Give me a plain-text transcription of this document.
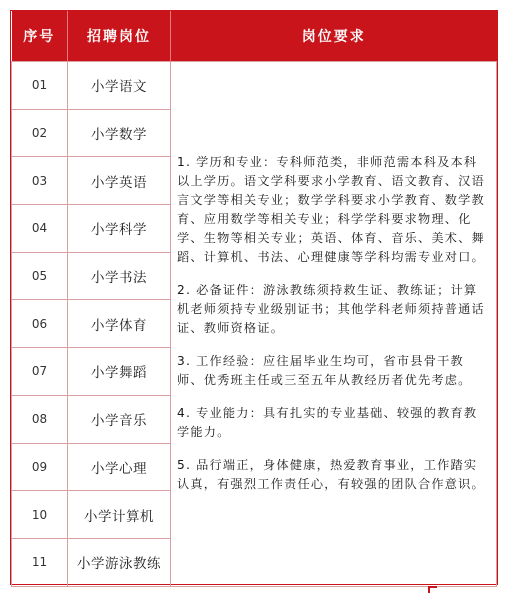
序号	招聘岗位	岗位要求
01	小学语文	1. 学历和专业：专科师范类，非师范需本科及本科以上学历。语文学科要求小学教育、语文教育、汉语言文学等相关专业；数学学科要求小学教育、数学教育、应用数学等相关专业；科学学科要求物理、化学、生物等相关专业；英语、体育、音乐、美术、舞蹈、计算机、书法、心理健康等学科均需专业对口。
2. 必备证件：游泳教练须持救生证、教练证；计算机老师须持专业级别证书；其他学科老师须持普通话证、教师资格证。
3. 工作经验：应往届毕业生均可，省市县骨干教师、优秀班主任或三至五年从教经历者优先考虑。
4. 专业能力：具有扎实的专业基础、较强的教育教学能力。
5. 品行端正，身体健康，热爱教育事业，工作踏实认真，有强烈工作责任心，有较强的团队合作意识。

02	小学数学	
03	小学英语	
04	小学科学	
05	小学书法	
06	小学体育	
07	小学舞蹈	
08	小学音乐	
09	小学心理	
10	小学计算机	
11	小学游泳教练	
